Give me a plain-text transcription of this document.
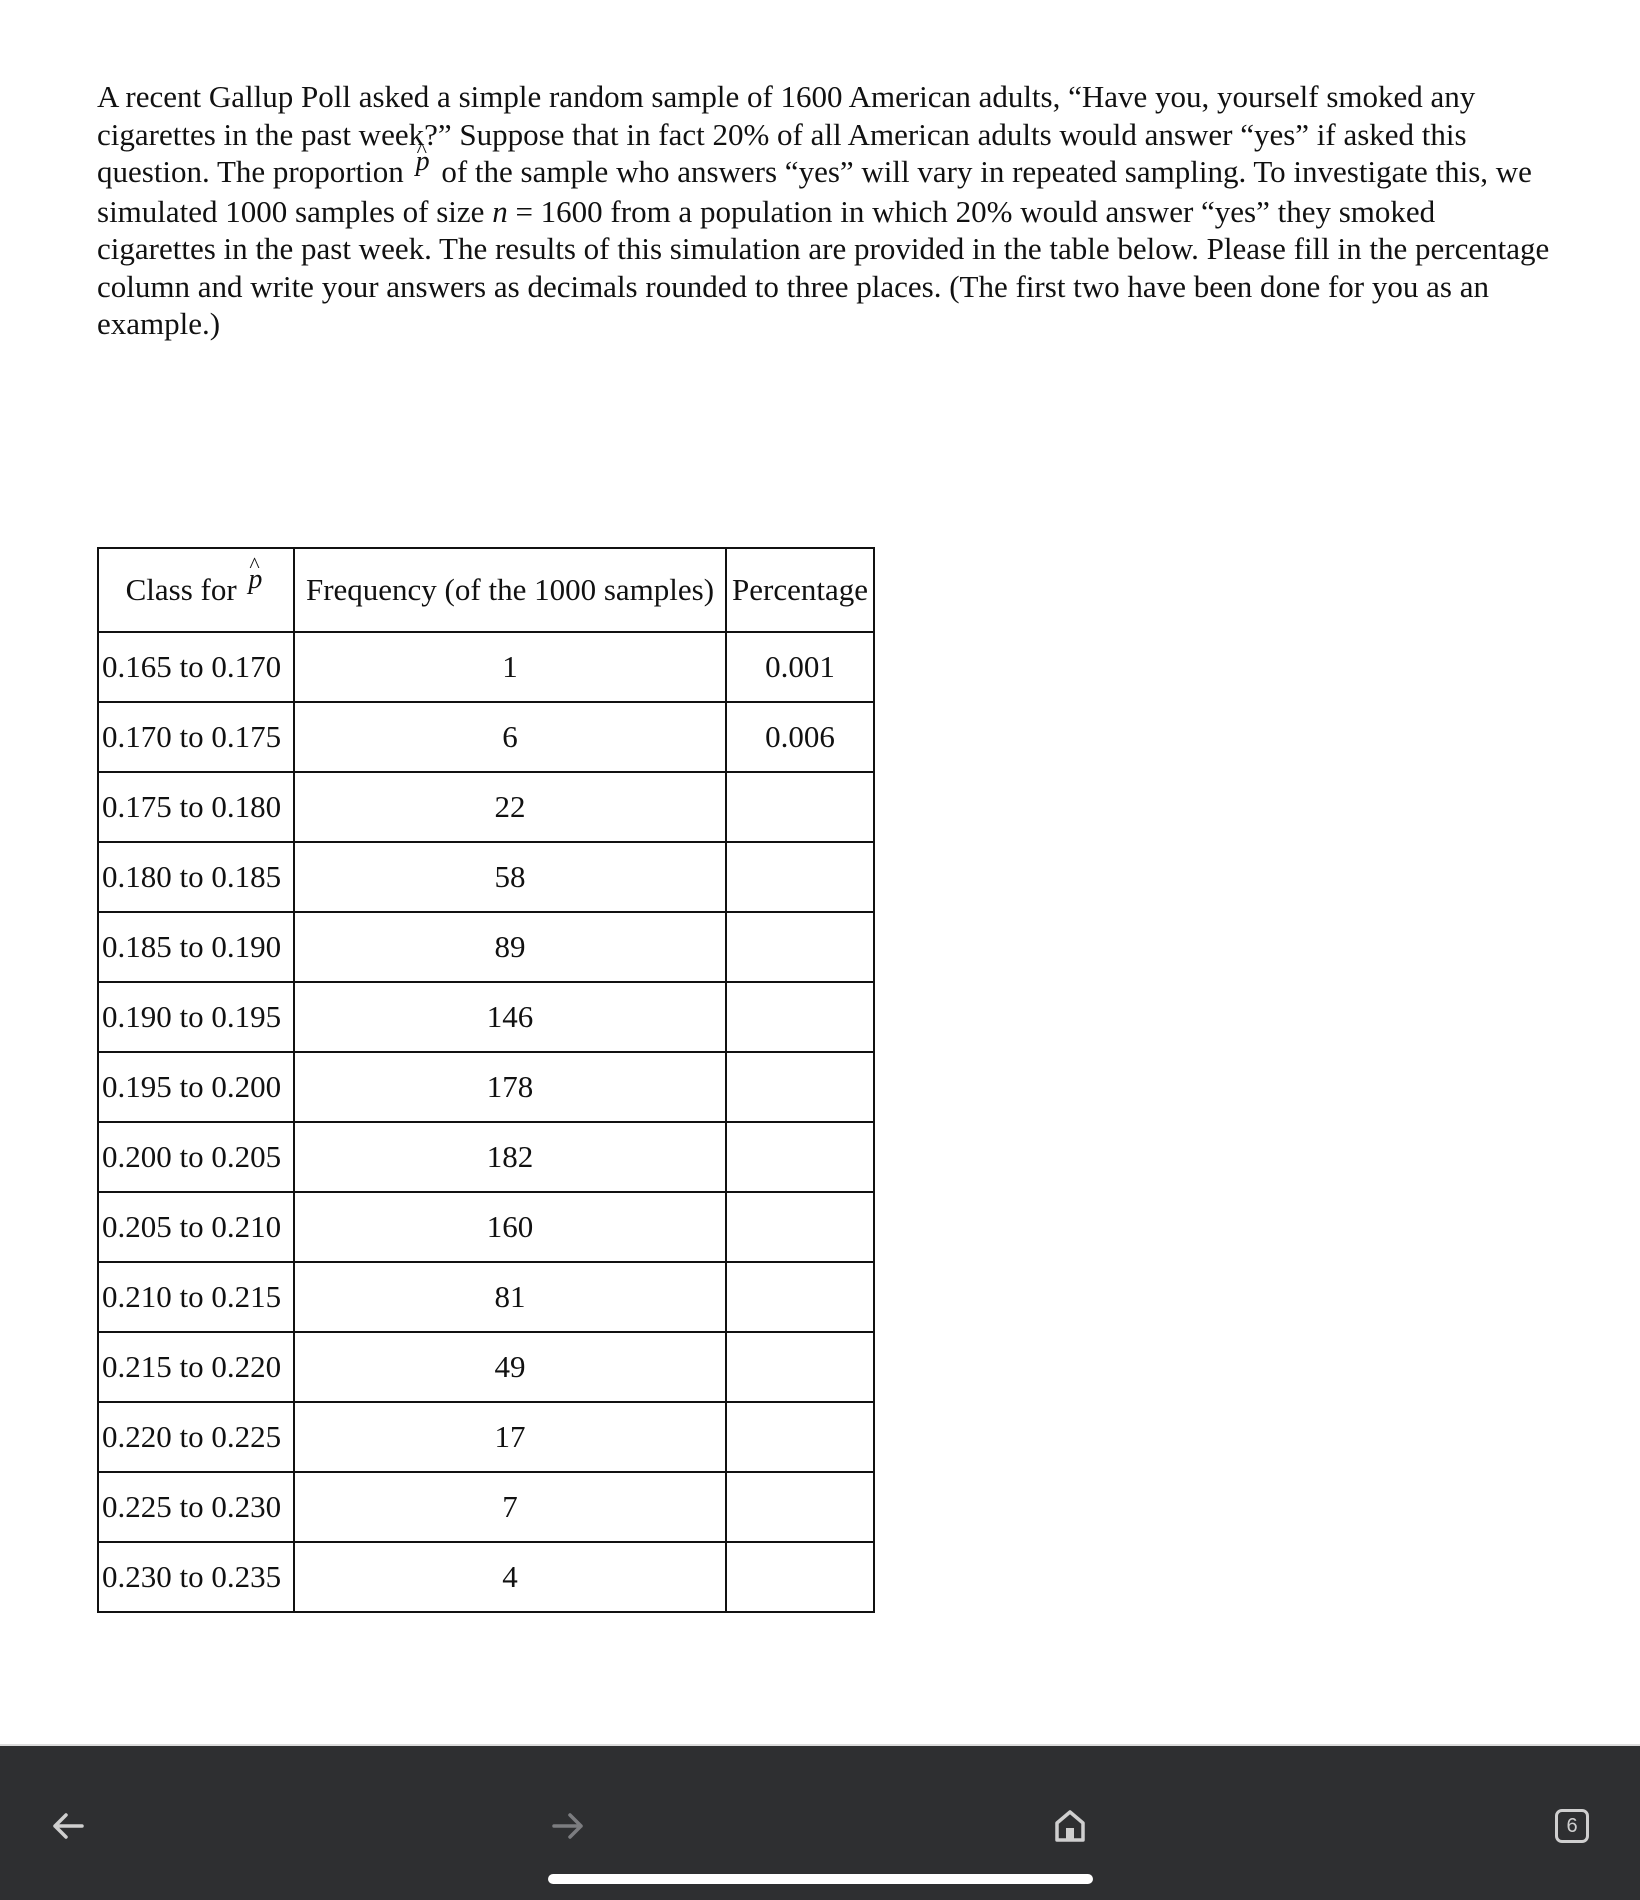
A recent Gallup Poll asked a simple random sample of 1600 American adults, “Have you, yourself smoked any cigarettes in the past week?” Suppose that in fact 20% of all American adults would answer “yes” if asked this question. The proportion ^ p of the sample who answers “yes” will vary in repeated sampling. To investigate this, we simulated 1000 samples of size n = 1600 from a population in which 20% would answer “yes” they smoked cigarettes in the past week. The results of this simulation are provided in the table below. Please fill in the percentage column and write your answers as decimals rounded to three places. (The first two have been done for you as an example.)

Class for ^ p	Frequency (of the 1000 samples)	Percentage
0.165 to 0.170	1	0.001
0.170 to 0.175	6	0.006
0.175 to 0.180	22	
0.180 to 0.185	58	
0.185 to 0.190	89	
0.190 to 0.195	146	
0.195 to 0.200	178	
0.200 to 0.205	182	
0.205 to 0.210	160	
0.210 to 0.215	81	
0.215 to 0.220	49	
0.220 to 0.225	17	
0.225 to 0.230	7	
0.230 to 0.235	4	
6
